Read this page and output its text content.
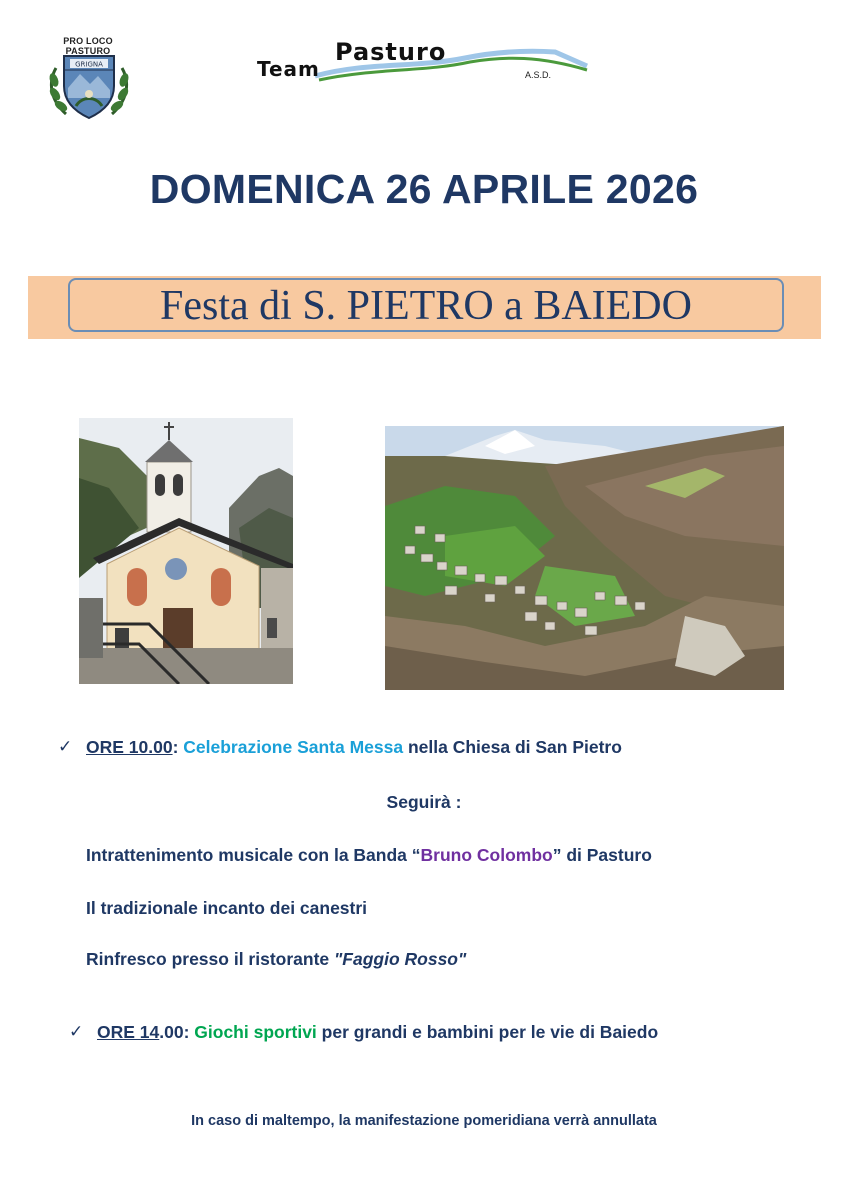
PRO LOCO PASTURO
GRIGNA	Pasturo
Team	A.S.D.
DOMENICA 26 APRILE 2026
Festa di S. PIETRO a BAIEDO
✓ ORE 10.00: Celebrazione Santa Messa nella Chiesa di San Pietro
Seguirà :
Intrattenimento musicale con la Banda “Bruno Colombo” di Pasturo
Il tradizionale incanto dei canestri
Rinfresco presso il ristorante "Faggio Rosso"
✓ ORE 14.00: Giochi sportivi per grandi e bambini per le vie di Baiedo
In caso di maltempo, la manifestazione pomeridiana verrà annullata
